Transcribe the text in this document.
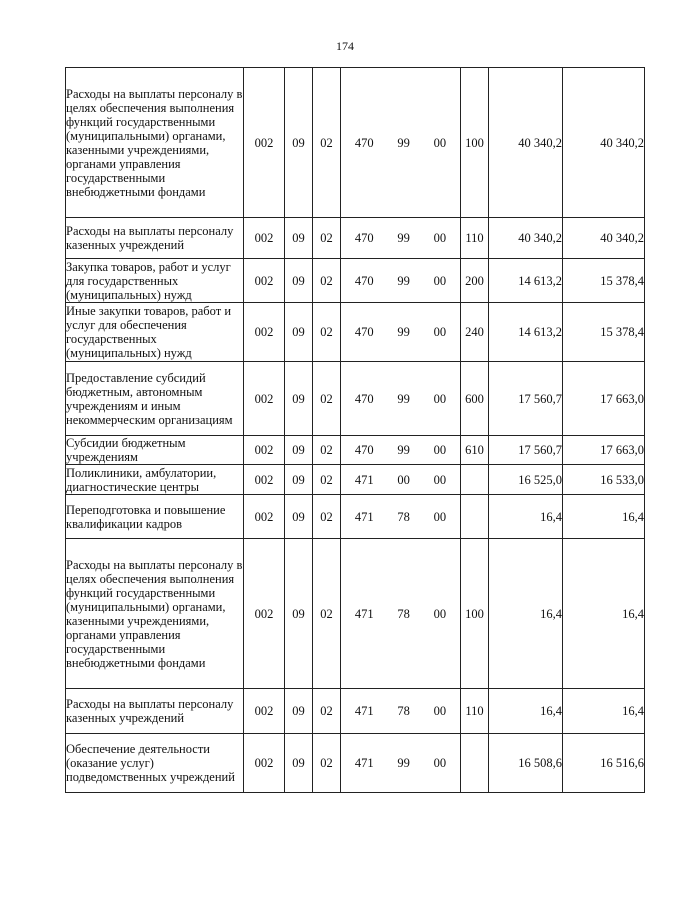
174
Расходы на выплаты персоналу в целях обеспечения выполнения функций государственными (муниципальными) органами, казенными учреждениями, органами управления государственными внебюджетными фондами	002	09	02	470 99 00	100	40 340,2	40 340,2
Расходы на выплаты персоналу казенных учреждений	002	09	02	470 99 00	110	40 340,2	40 340,2
Закупка товаров, работ и услуг для государственных (муниципальных) нужд	002	09	02	470 99 00	200	14 613,2	15 378,4
Иные закупки товаров, работ и услуг для обеспечения государственных (муниципальных) нужд	002	09	02	470 99 00	240	14 613,2	15 378,4
Предоставление субсидий бюджетным, автономным учреждениям и иным некоммерческим организациям	002	09	02	470 99 00	600	17 560,7	17 663,0
Субсидии бюджетным учреждениям	002	09	02	470 99 00	610	17 560,7	17 663,0
Поликлиники, амбулатории, диагностические центры	002	09	02	471 00 00		16 525,0	16 533,0
Переподготовка и повышение квалификации кадров	002	09	02	471 78 00		16,4	16,4
Расходы на выплаты персоналу в целях обеспечения выполнения функций государственными (муниципальными) органами, казенными учреждениями, органами управления государственными внебюджетными фондами	002	09	02	471 78 00	100	16,4	16,4
Расходы на выплаты персоналу казенных учреждений	002	09	02	471 78 00	110	16,4	16,4
Обеспечение деятельности (оказание услуг) подведомственных учреждений	002	09	02	471 99 00		16 508,6	16 516,6
